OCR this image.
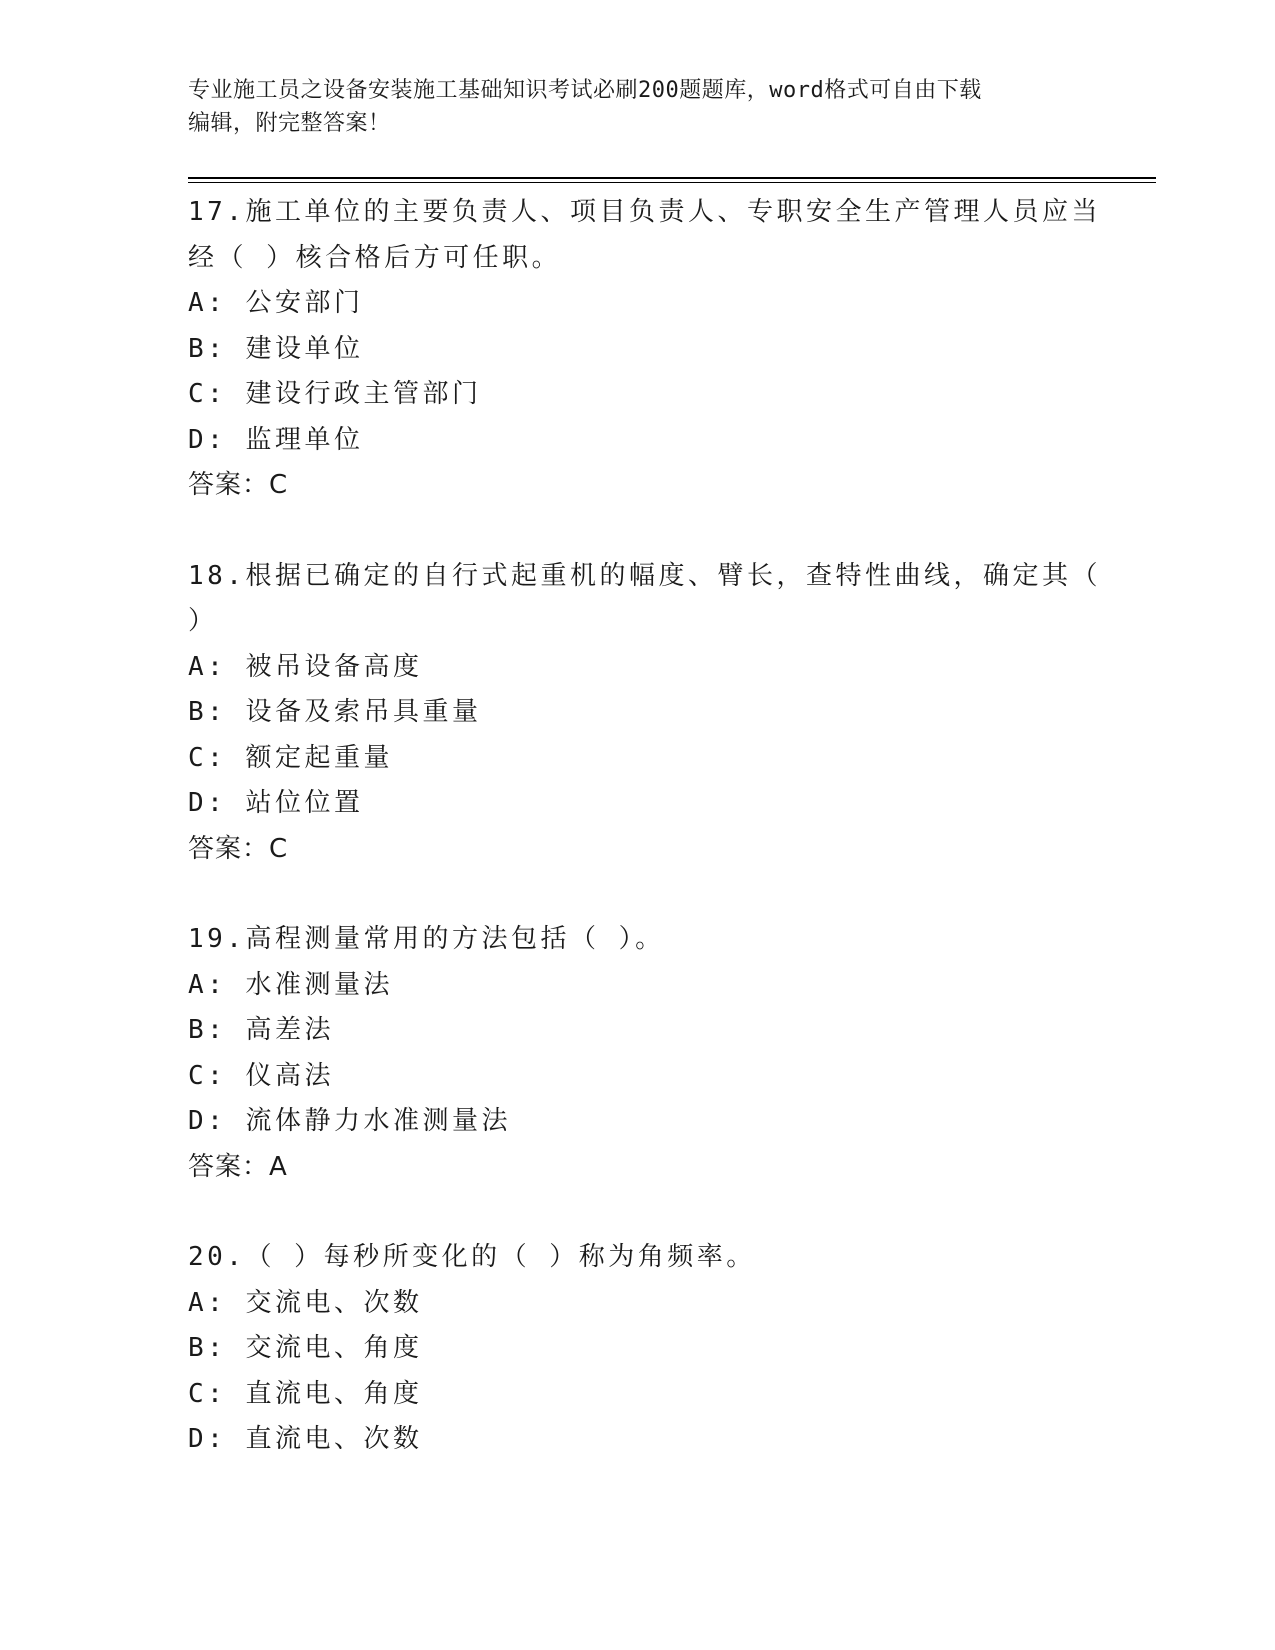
专业施工员之设备安装施工基础知识考试必刷200题题库，word格式可自由下载
编辑，附完整答案！
17.施工单位的主要负责人、项目负责人、专职安全生产管理人员应当
经（ ）核合格后方可任职。
A: 公安部门
B: 建设单位
C: 建设行政主管部门
D: 监理单位
答案：C
18.根据已确定的自行式起重机的幅度、臂长，查特性曲线，确定其（
）
A: 被吊设备高度
B: 设备及索吊具重量
C: 额定起重量
D: 站位位置
答案：C
19.高程测量常用的方法包括（ ）。
A: 水准测量法
B: 高差法
C: 仪高法
D: 流体静力水准测量法
答案：A
20.（ ）每秒所变化的（ ）称为角频率。
A: 交流电、次数
B: 交流电、角度
C: 直流电、角度
D: 直流电、次数
